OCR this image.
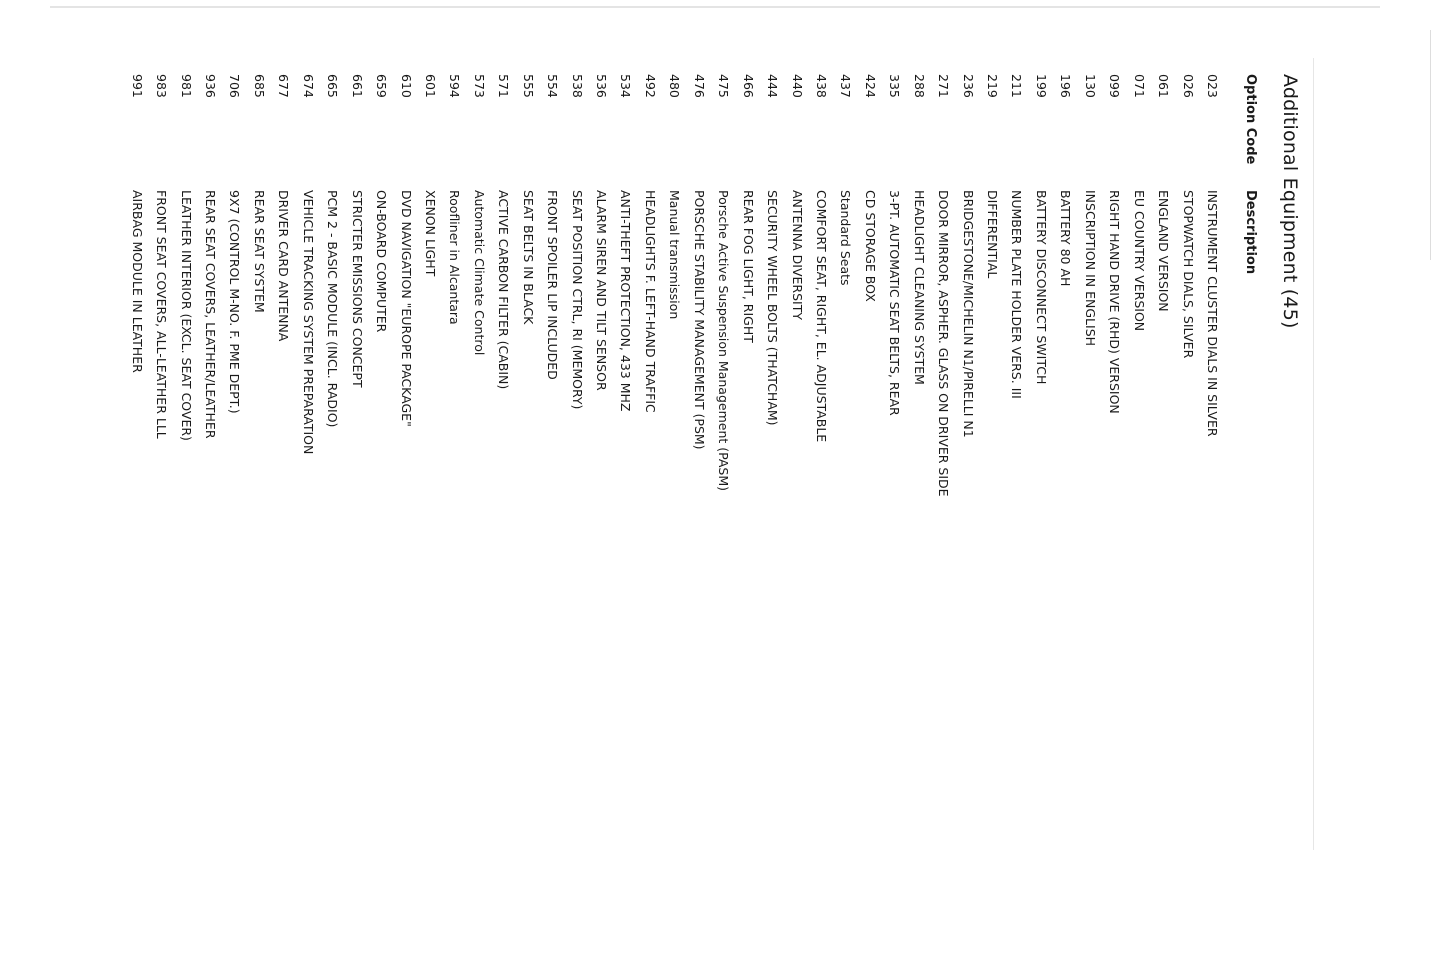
Additional Equipment (45)
Option Code
Description
023
INSTRUMENT CLUSTER DIALS IN SILVER
026
STOPWATCH DIALS, SILVER
061
ENGLAND VERSION
071
EU COUNTRY VERSION
099
RIGHT HAND DRIVE (RHD) VERSION
130
INSCRIPTION IN ENGLISH
196
BATTERY 80 AH
199
BATTERY DISCONNECT SWITCH
211
NUMBER PLATE HOLDER VERS. III
219
DIFFERENTIAL
236
BRIDGESTONE/MICHELIN N1/PIRELLI N1
271
DOOR MIRROR, ASPHER. GLASS ON DRIVER SIDE
288
HEADLIGHT CLEANING SYSTEM
335
3-PT. AUTOMATIC SEAT BELTS, REAR
424
CD STORAGE BOX
437
Standard Seats
438
COMFORT SEAT, RIGHT, EL. ADJUSTABLE
440
ANTENNA DIVERSITY
444
SECURITY WHEEL BOLTS (THATCHAM)
466
REAR FOG LIGHT, RIGHT
475
Porsche Active Suspension Management (PASM)
476
PORSCHE STABILITY MANAGEMENT (PSM)
480
Manual transmission
492
HEADLIGHTS F. LEFT-HAND TRAFFIC
534
ANTI-THEFT PROTECTION, 433 MHZ
536
ALARM SIREN AND TILT SENSOR
538
SEAT POSITION CTRL, RI (MEMORY)
554
FRONT SPOILER LIP INCLUDED
555
SEAT BELTS IN BLACK
571
ACTIVE CARBON FILTER (CABIN)
573
Automatic Climate Control
594
Roofliner in Alcantara
601
XENON LIGHT
610
DVD NAVIGATION "EUROPE PACKAGE"
659
ON-BOARD COMPUTER
661
STRICTER EMISSIONS CONCEPT
665
PCM 2 - BASIC MODULE (INCL. RADIO)
674
VEHICLE TRACKING SYSTEM PREPARATION
677
DRIVER CARD ANTENNA
685
REAR SEAT SYSTEM
706
9X7 (CONTROL M-NO. F. PME DEPT.)
936
REAR SEAT COVERS, LEATHER/LEATHER
981
LEATHER INTERIOR (EXCL. SEAT COVER)
983
FRONT SEAT COVERS, ALL-LEATHER LLL
991
AIRBAG MODULE IN LEATHER
